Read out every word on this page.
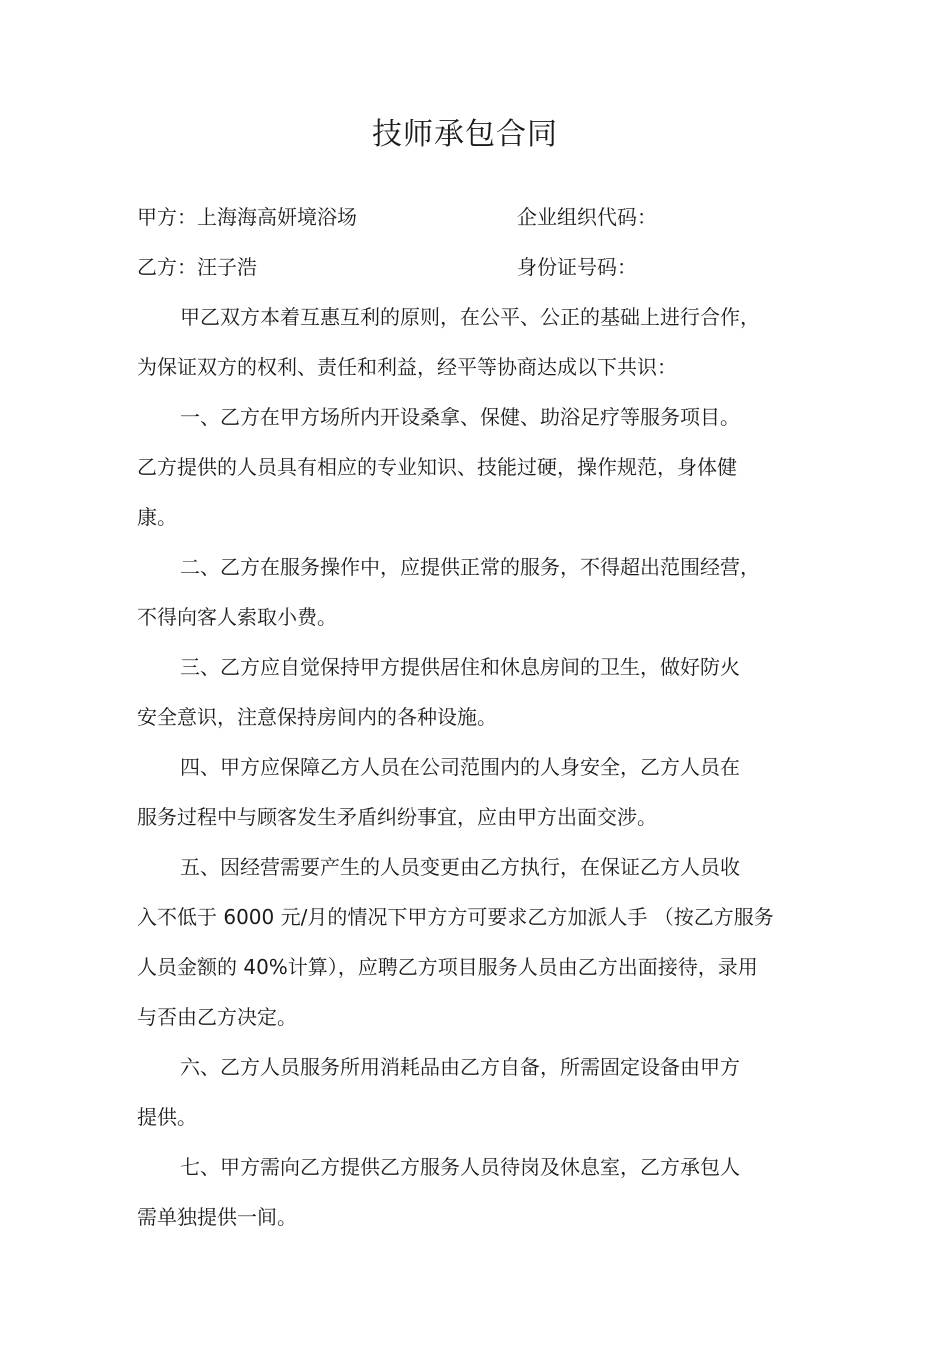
技师承包合同
甲方：上海海高妍境浴场	企业组织代码：
乙方：汪子浩	身份证号码：
甲乙双方本着互惠互利的原则，在公平、公正的基础上进行合作，
为保证双方的权利、责任和利益，经平等协商达成以下共识：
一、乙方在甲方场所内开设桑拿、保健、助浴足疗等服务项目。
乙方提供的人员具有相应的专业知识、技能过硬，操作规范，身体健
康。
二、乙方在服务操作中，应提供正常的服务，不得超出范围经营，
不得向客人索取小费。
三、乙方应自觉保持甲方提供居住和休息房间的卫生，做好防火
安全意识，注意保持房间内的各种设施。
四、甲方应保障乙方人员在公司范围内的人身安全，乙方人员在
服务过程中与顾客发生矛盾纠纷事宜，应由甲方出面交涉。
五、因经营需要产生的人员变更由乙方执行，在保证乙方人员收
入不低于 6000 元/月的情况下甲方方可要求乙方加派人手 （按乙方服务
人员金额的 40%计算），应聘乙方项目服务人员由乙方出面接待，录用
与否由乙方决定。
六、乙方人员服务所用消耗品由乙方自备，所需固定设备由甲方
提供。
七、甲方需向乙方提供乙方服务人员待岗及休息室，乙方承包人
需单独提供一间。
